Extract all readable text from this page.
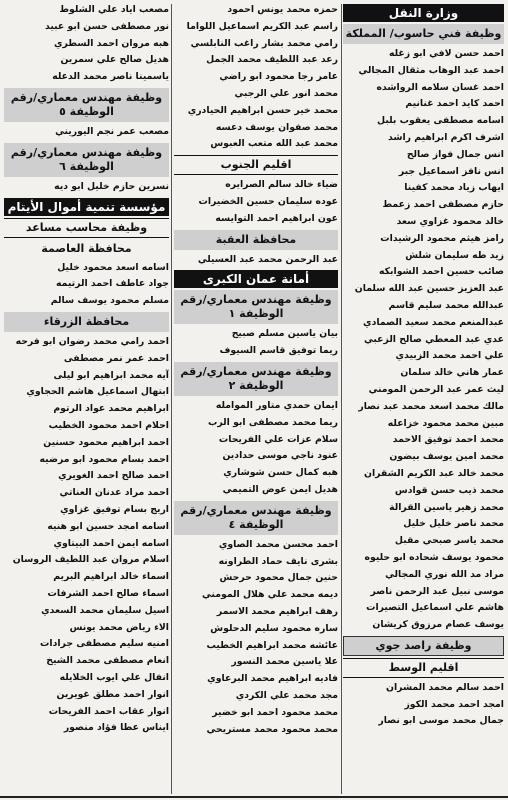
وزارة النقل
وظيفة فني حاسوب/ المملكة
احمد حسن لافي ابو زغله
احمد عبد الوهاب مثقال المجالي
احمد غسان سلامه الرواشده
احمد كايد احمد غنانيم
اسامه مصطفى يعقوب بلبل
اشرف اكرم ابراهيم راشد
انس جمال فواز صالح
انس نافز اسماعيل جبر
ايهاب زياد محمد كفينا
حازم مصطفى احمد زعمط
خالد محمود غزاوي سعد
رامز هيثم محمود الرشيدات
زيد طه سليمان شلش
صائب حسين احمد الشوابكه
عبد العزيز حسين عبد الله سلمان
عبدالله محمد سليم قاسم
عبدالمنعم محمد سعيد الصمادي
عدي عبد المعطي صالح الزعبي
علي احمد محمد الزبيدي
عمار هاني خالد سلمان
ليث عمر عبد الرحمن المومني
مالك محمد اسعد محمد عبد نصار
مبين محمد محمود خزاعله
محمد احمد توفيق الاحمد
محمد امين يوسف بيضون
محمد خالد عبد الكريم الشقران
محمد ذيب حسن قوادس
محمد زهير ياسين القرالة
محمد ناصر خليل خليل
محمد ياسر صبحي مقبل
محمود يوسف شحاده ابو حليوه
مراد مد الله نوري المجالي
موسى نبيل عبد الرحمن ناصر
هاشم علي اسماعيل التصيرات
يوسف عصام مرزوق كريشان
وظيفة راصد جوي
اقليم الوسط
احمد سالم محمد المشران
امجد احمد محمد الكوز
جمال محمد موسى ابو نصار
حمزه محمد يونس احمود
راسم عبد الكريم اسماعيل اللواما
رامي محمد بشار راغب النابلسي
رعد عبد اللطيف محمد الجمل
عامر رجا محمود ابو راضي
محمد انور علي الرجبي
محمد خير حسن ابراهيم الحيادري
محمد صفوان يوسف دعسه
محمد عبد الله متعب العبوس
اقليم الجنوب
ضياء خالد سالم الصرايره
عوده سليمان حسين الخضيرات
عون ابراهيم احمد التوايسه
محافظة العقبة
عبد الرحمن محمد عبد العسيلي
أمانة عمان الكبرى
وظيفة مهندس معماري/رقم الوظيفة ١
بيان ياسين مسلم صبيح
ريما توفيق قاسم السيوف
وظيفة مهندس معماري/رقم الوظيفة ٢
ايمان حمدي متاور الموامله
ريما محمد مصطفى ابو الرب
سلام عزات علي الفريحات
عنود ناجي موسى حدادين
هبه كمال حسن شوشاري
هديل ايمن عوض التميمي
وظيفة مهندس معماري/رقم الوظيفة ٤
احمد محسن محمد الصاوي
بشرى نايف حماد الطراونه
حنين جمال محمود حرحش
ديمه محمد علي هلال المومني
رهف ابراهيم محمد الاسمر
ساره محمود سليم الدحلوش
عائشه محمد ابراهيم الخطيب
علا ياسين محمد النسور
فاديه ابراهيم محمد البرعاوي
مجد محمد علي الكردي
محمد محمود احمد ابو خضير
محمد محمود محمد مستريحي
مصعب اياد علي الشلوط
نور مصطفى حسن ابو عبيد
هبه مروان احمد السطري
هديل صالح علي سمرين
ياسمينا ناصر محمد الدعله
وظيفة مهندس معماري/رقم الوظيفة ٥
مصعب عمر نجم اليوريني
وظيفة مهندس معماري/رقم الوظيفة ٦
نسرين حازم خليل ابو ديه
مؤسسة تنمية أموال الأيتام
وظيفة محاسب مساعد
محافظة العاصمة
اسامه اسعد محمود خليل
جواد عاطف احمد الرتيمه
مسلم محمود يوسف سالم
محافظة الزرقاء
احمد رامي محمد رضوان ابو فرحه
احمد عمر نمر مصطفى
آيه محمد ابراهيم ابو ليلى
ابتهال اسماعيل هاشم الحجاوي
ابراهيم محمد عواد الرتوم
احلام احمد محمود الخطيب
احمد ابراهيم محمود حسنين
احمد بسام محمود ابو مرضيه
احمد صالح احمد الغويري
احمد مراد عدنان العناتي
اريج بسام توفيق غزاوي
اسامه امجد حسين ابو هنيه
اسامه ايمن احمد البيتاوي
اسلام مروان عبد اللطيف الروسان
اسماء خالد ابراهيم البريم
اسماء صالح احمد الشرفات
اسيل سليمان محمد السعدي
الاء رياض محمد يونس
امنيه سليم مصطفى جرادات
انعام مصطفى محمد الشيخ
انفال علي ايوب الخلايله
انوار احمد مطلق غويرين
انوار عقاب احمد الفريحات
ايناس عطا فؤاد منصور
